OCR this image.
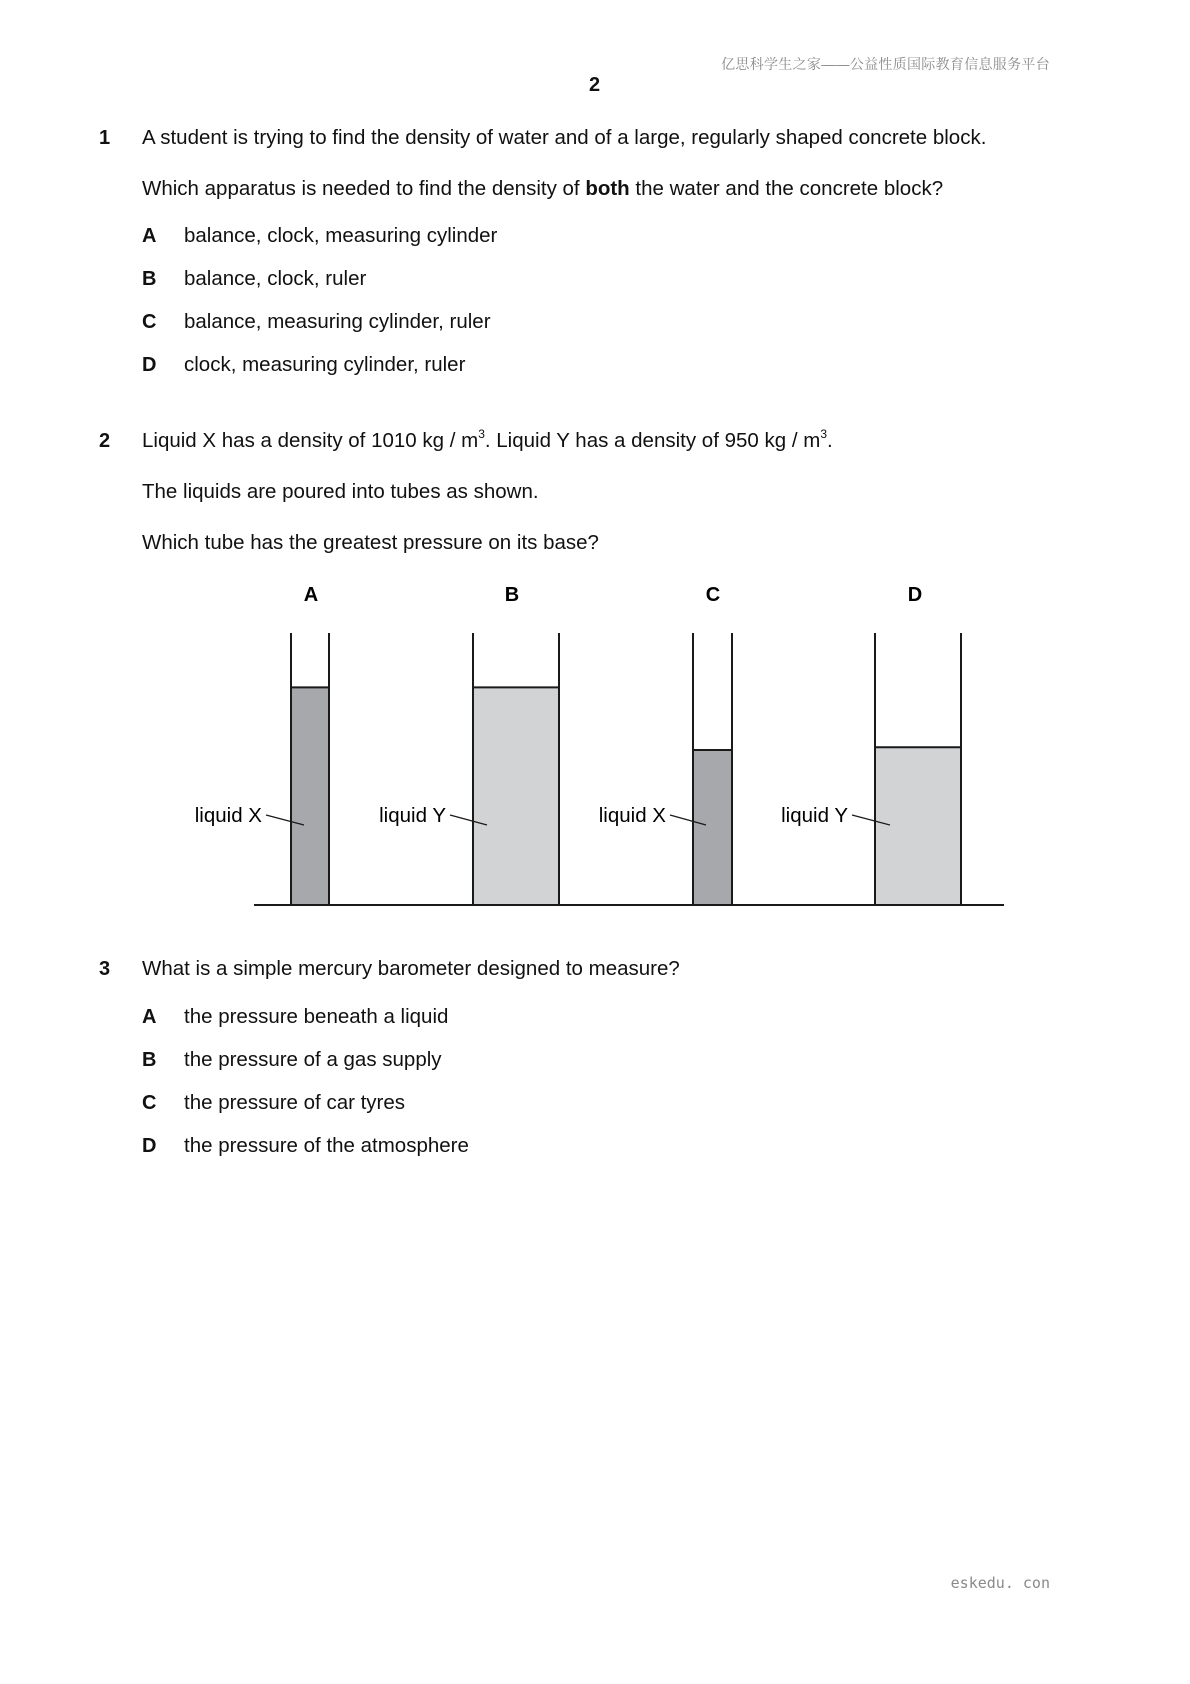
亿思科学生之家——公益性质国际教育信息服务平台
2
1 A student is trying to find the density of water and of a large, regularly shaped concrete block.
Which apparatus is needed to find the density of both the water and the concrete block?
A balance, clock, measuring cylinder
B balance, clock, ruler
C balance, measuring cylinder, ruler
D clock, measuring cylinder, ruler
2 Liquid X has a density of 1010 kg / $m^3$. Liquid Y has a density of 950 kg / $m^3$.
The liquids are poured into tubes as shown.
Which tube has the greatest pressure on its base?
A	B	C	D
liquid X	liquid Y	liquid X	liquid Y
3 What is a simple mercury barometer designed to measure?
A the pressure beneath a liquid
B the pressure of a gas supply
C the pressure of car tyres
D the pressure of the atmosphere
eskedu. con
